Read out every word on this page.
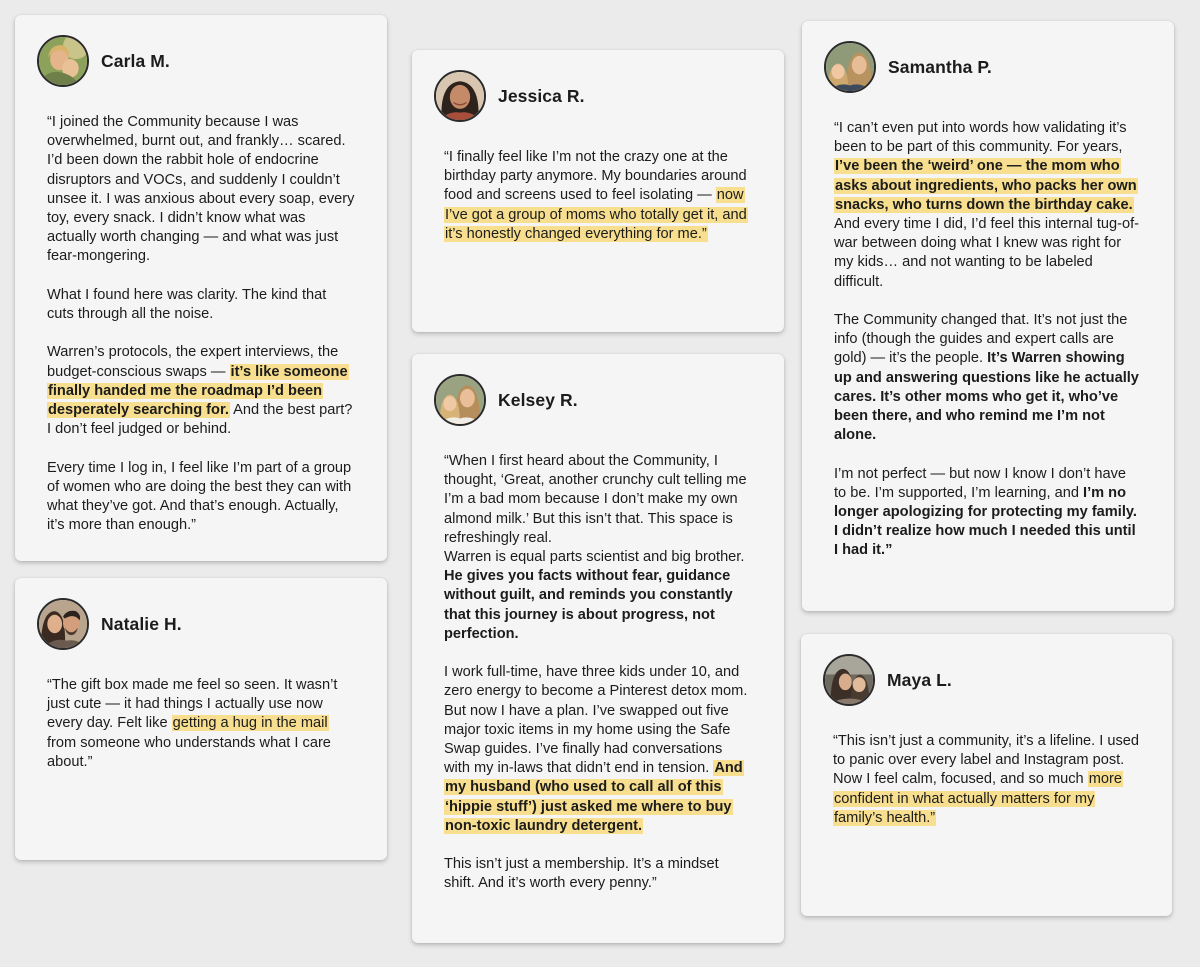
Carla M.

“I joined the Community because I was overwhelmed, burnt out, and frankly… scared. I’d been down the rabbit hole of endocrine disruptors and VOCs, and suddenly I couldn’t unsee it. I was anxious about every soap, every toy, every snack. I didn’t know what was actually worth changing — and what was just fear-mongering.

What I found here was clarity. The kind that cuts through all the noise.

Warren’s protocols, the expert interviews, the budget-conscious swaps — it’s like someone finally handed me the roadmap I’d been desperately searching for. And the best part? I don’t feel judged or behind.

Every time I log in, I feel like I’m part of a group of women who are doing the best they can with what they’ve got. And that’s enough. Actually, it’s more than enough.”

Natalie H.

“The gift box made me feel so seen. It wasn’t just cute — it had things I actually use now every day. Felt like getting a hug in the mail from someone who understands what I care about.”

Jessica R.

“I finally feel like I’m not the crazy one at the birthday party anymore. My boundaries around food and screens used to feel isolating — now I’ve got a group of moms who totally get it, and it’s honestly changed everything for me.”

Kelsey R.

“When I first heard about the Community, I thought, ‘Great, another crunchy cult telling me I’m a bad mom because I don’t make my own almond milk.’ But this isn’t that. This space is refreshingly real.
Warren is equal parts scientist and big brother.
He gives you facts without fear, guidance without guilt, and reminds you constantly that this journey is about progress, not perfection.

I work full-time, have three kids under 10, and zero energy to become a Pinterest detox mom. But now I have a plan. I’ve swapped out five major toxic items in my home using the Safe Swap guides. I’ve finally had conversations with my in-laws that didn’t end in tension. And my husband (who used to call all of this ‘hippie stuff’) just asked me where to buy non-toxic laundry detergent.

This isn’t just a membership. It’s a mindset shift. And it’s worth every penny.”

Samantha P.

“I can’t even put into words how validating it’s been to be part of this community. For years, I’ve been the ‘weird’ one — the mom who asks about ingredients, who packs her own snacks, who turns down the birthday cake. And every time I did, I’d feel this internal tug-of-war between doing what I knew was right for my kids… and not wanting to be labeled difficult.

The Community changed that. It’s not just the info (though the guides and expert calls are gold) — it’s the people. It’s Warren showing up and answering questions like he actually cares. It’s other moms who get it, who’ve been there, and who remind me I’m not alone.

I’m not perfect — but now I know I don’t have to be. I’m supported, I’m learning, and I’m no longer apologizing for protecting my family. I didn’t realize how much I needed this until I had it.”

Maya L.

“This isn’t just a community, it’s a lifeline. I used to panic over every label and Instagram post. Now I feel calm, focused, and so much more confident in what actually matters for my family’s health.”
